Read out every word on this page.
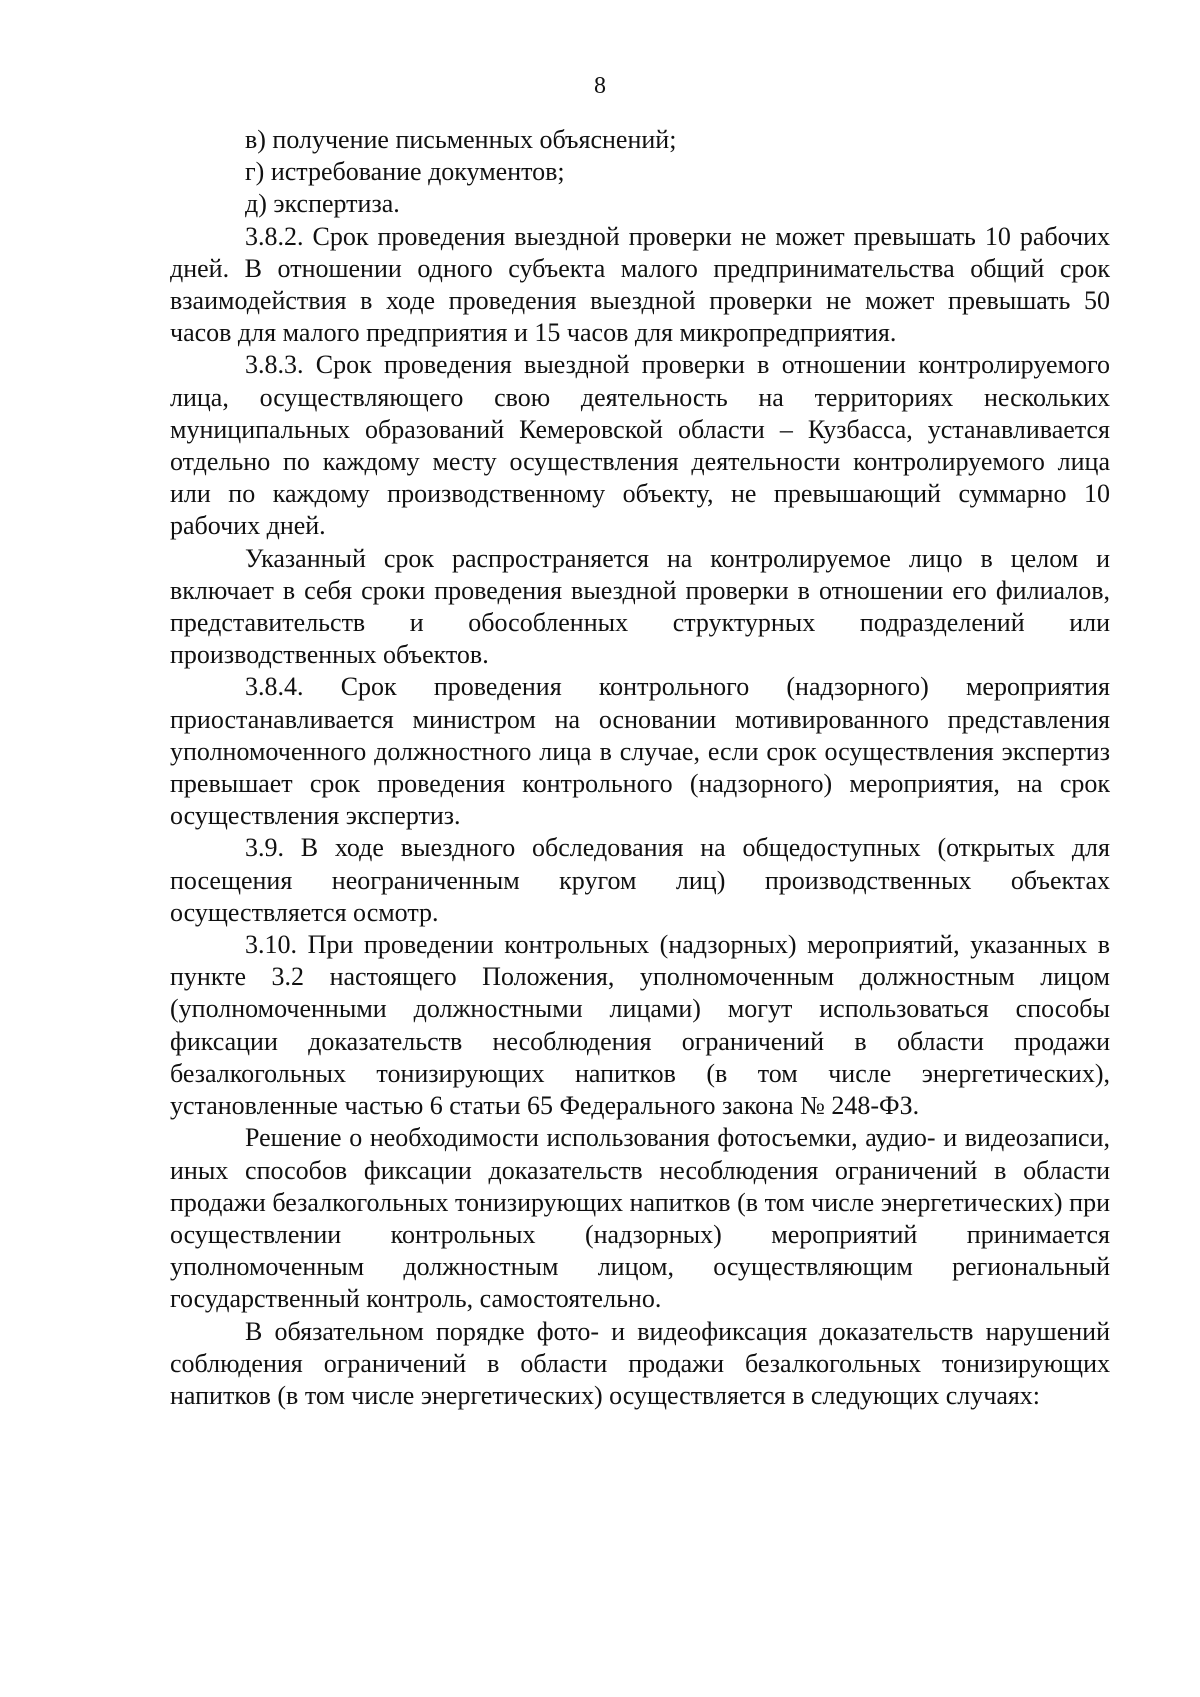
8

в) получение письменных объяснений;

г) истребование документов;

д) экспертиза.

3.8.2. Срок проведения выездной проверки не может превышать 10 рабочих дней. В отношении одного субъекта малого предпринимательства общий срок взаимодействия в ходе проведения выездной проверки не может превышать 50 часов для малого предприятия и 15 часов для микропредприятия.

3.8.3. Срок проведения выездной проверки в отношении контролируемого лица, осуществляющего свою деятельность на территориях нескольких муниципальных образований Кемеровской области – Кузбасса, устанавливается отдельно по каждому месту осуществления деятельности контролируемого лица или по каждому производственному объекту, не превышающий суммарно 10 рабочих дней.

Указанный срок распространяется на контролируемое лицо в целом и включает в себя сроки проведения выездной проверки в отношении его филиалов, представительств и обособленных структурных подразделений или производственных объектов.

3.8.4. Срок проведения контрольного (надзорного) мероприятия приостанавливается министром на основании мотивированного представления уполномоченного должностного лица в случае, если срок осуществления экспертиз превышает срок проведения контрольного (надзорного) мероприятия, на срок осуществления экспертиз.

3.9. В ходе выездного обследования на общедоступных (открытых для посещения неограниченным кругом лиц) производственных объектах осуществляется осмотр.

3.10. При проведении контрольных (надзорных) мероприятий, указанных в пункте 3.2 настоящего Положения, уполномоченным должностным лицом (уполномоченными должностными лицами) могут использоваться способы фиксации доказательств несоблюдения ограничений в области продажи безалкогольных тонизирующих напитков (в том числе энергетических), установленные частью 6 статьи 65 Федерального закона № 248-ФЗ.

Решение о необходимости использования фотосъемки, аудио- и видеозаписи, иных способов фиксации доказательств несоблюдения ограничений в области продажи безалкогольных тонизирующих напитков (в том числе энергетических) при осуществлении контрольных (надзорных) мероприятий принимается уполномоченным должностным лицом, осуществляющим региональный государственный контроль, самостоятельно.

В обязательном порядке фото- и видеофиксация доказательств нарушений соблюдения ограничений в области продажи безалкогольных тонизирующих напитков (в том числе энергетических) осуществляется в следующих случаях:
